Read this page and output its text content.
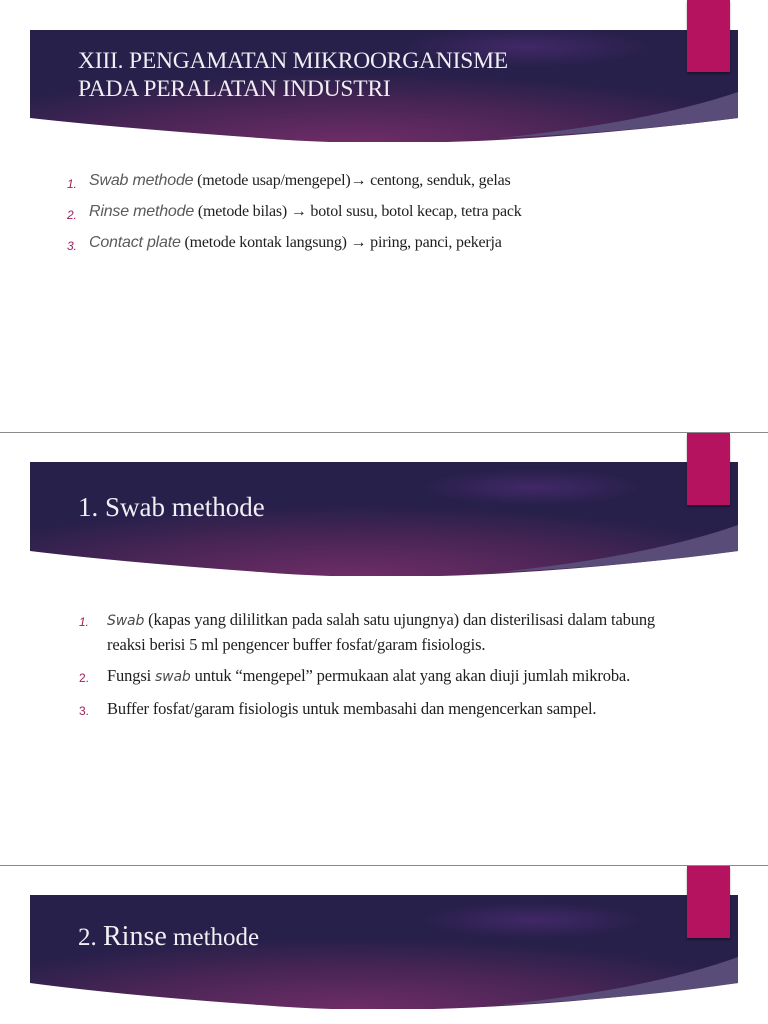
XIII. PENGAMATAN MIKROORGANISME
PADA PERALATAN INDUSTRI
1. Swab methode (metode usap/mengepel)→ centong, senduk, gelas
2. Rinse methode (metode bilas) → botol susu, botol kecap, tetra pack
3. Contact plate (metode kontak langsung) → piring, panci, pekerja
1. Swab methode
1. Swab (kapas yang dililitkan pada salah satu ujungnya) dan disterilisasi dalam tabung reaksi berisi 5 ml pengencer buffer fosfat/garam fisiologis.
2. Fungsi swab untuk “mengepel” permukaan alat yang akan diuji jumlah mikroba.
3. Buffer fosfat/garam fisiologis untuk membasahi dan mengencerkan sampel.
2. Rinse methode
